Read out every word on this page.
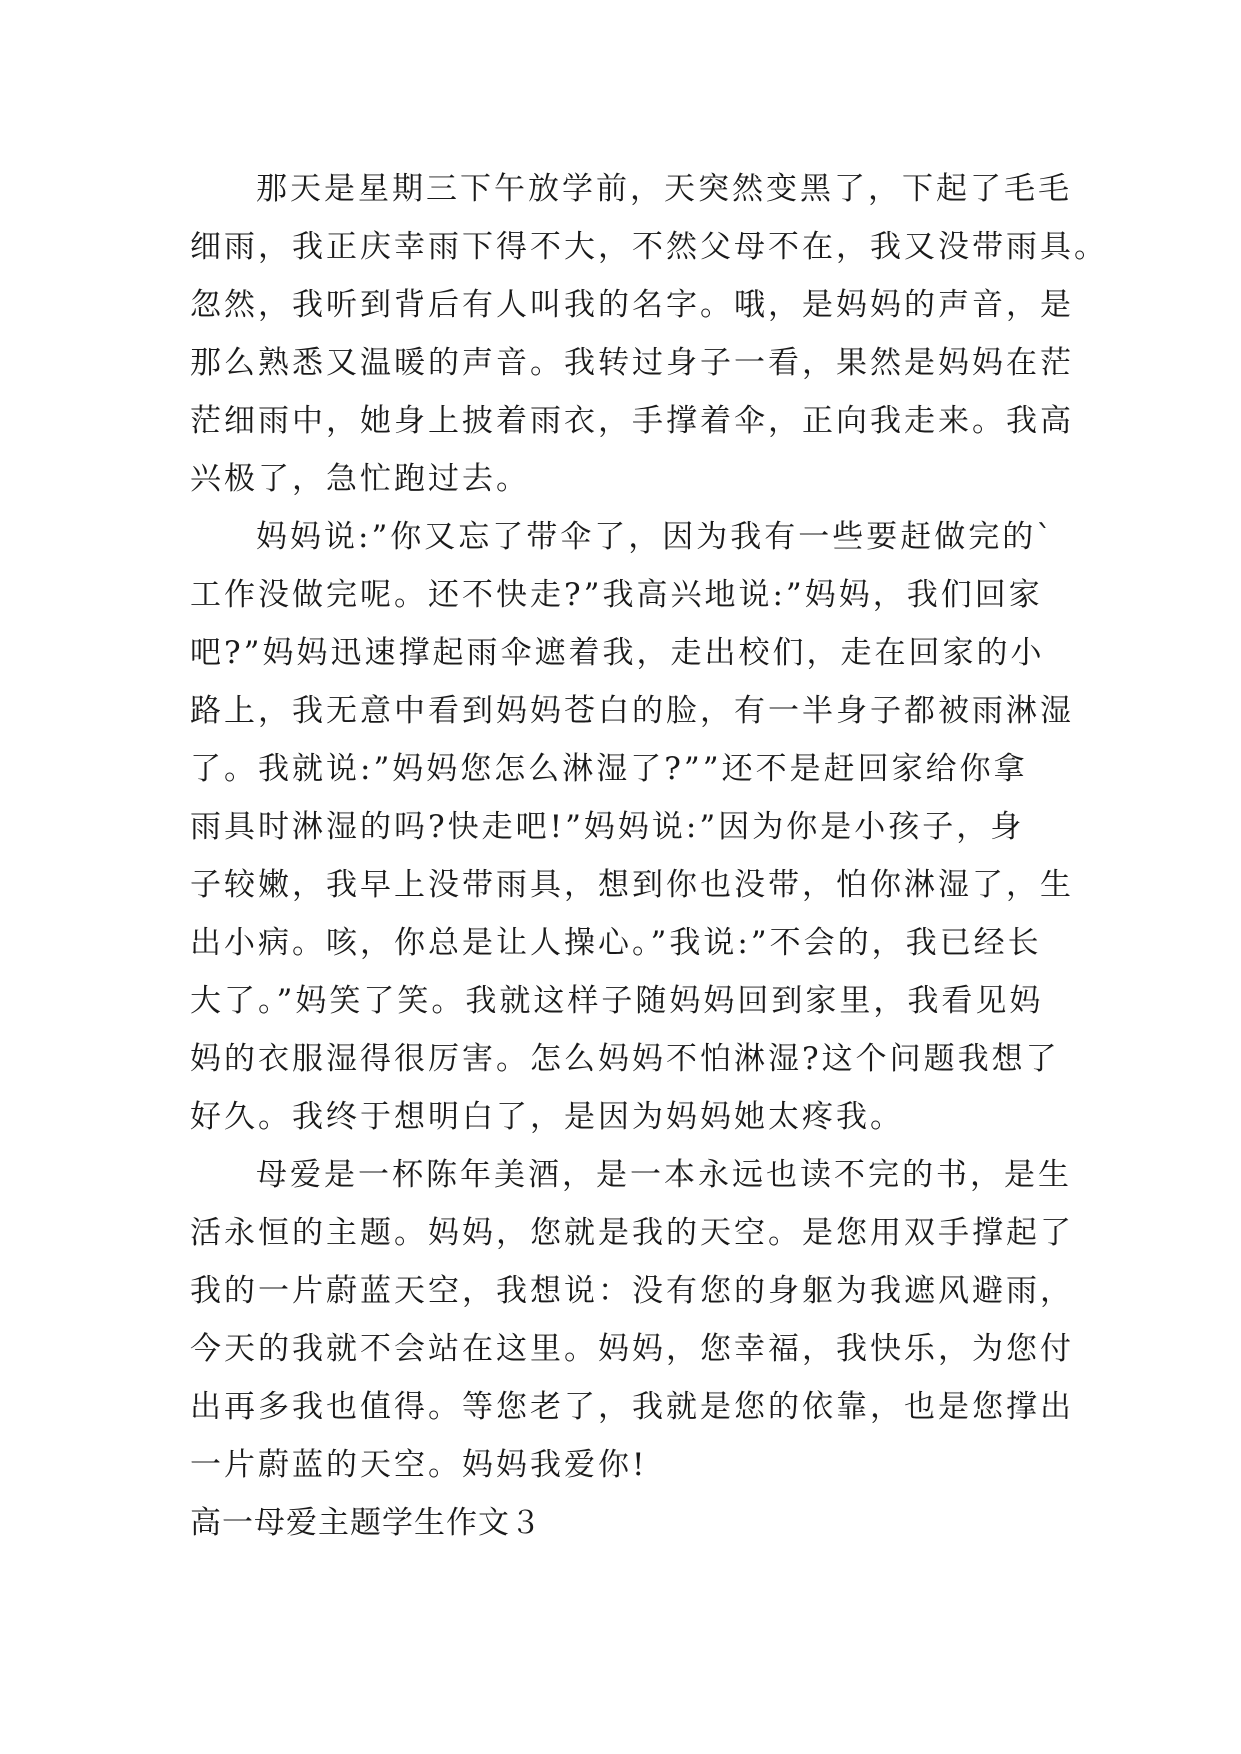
那天是星期三下午放学前，天突然变黑了，下起了毛毛
细雨，我正庆幸雨下得不大，不然父母不在，我又没带雨具。
忽然，我听到背后有人叫我的名字。哦，是妈妈的声音，是
那么熟悉又温暖的声音。我转过身子一看，果然是妈妈在茫
茫细雨中，她身上披着雨衣，手撑着伞，正向我走来。我高
兴极了，急忙跑过去。
妈妈说:”你又忘了带伞了，因为我有一些要赶做完的`
工作没做完呢。还不快走?”我高兴地说:”妈妈，我们回家
吧?”妈妈迅速撑起雨伞遮着我，走出校们，走在回家的小
路上，我无意中看到妈妈苍白的脸，有一半身子都被雨淋湿
了。我就说:”妈妈您怎么淋湿了?””还不是赶回家给你拿
雨具时淋湿的吗?快走吧!”妈妈说:”因为你是小孩子，身
子较嫩，我早上没带雨具，想到你也没带，怕你淋湿了，生
出小病。咳，你总是让人操心。”我说:”不会的，我已经长
大了。”妈笑了笑。我就这样子随妈妈回到家里，我看见妈
妈的衣服湿得很厉害。怎么妈妈不怕淋湿?这个问题我想了
好久。我终于想明白了，是因为妈妈她太疼我。
母爱是一杯陈年美酒，是一本永远也读不完的书，是生
活永恒的主题。妈妈，您就是我的天空。是您用双手撑起了
我的一片蔚蓝天空，我想说：没有您的身躯为我遮风避雨，
今天的我就不会站在这里。妈妈，您幸福，我快乐，为您付
出再多我也值得。等您老了，我就是您的依靠，也是您撑出
一片蔚蓝的天空。妈妈我爱你!
高一母爱主题学生作文３
